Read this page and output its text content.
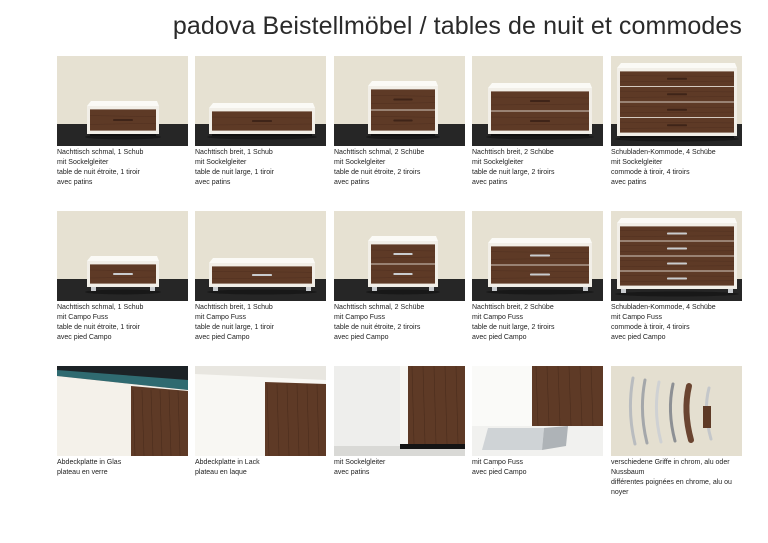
padova Beistellmöbel / tables de nuit et commodes
Nachttisch schmal, 1 Schub
mit Sockelgleiter
table de nuit étroite, 1 tiroir
avec patins
Nachttisch breit, 1 Schub
mit Sockelgleiter
table de nuit large, 1 tiroir
avec patins
Nachttisch schmal, 2 Schübe
mit Sockelgleiter
table de nuit étroite, 2 tiroirs
avec patins
Nachttisch breit, 2 Schübe
mit Sockelgleiter
table de nuit large, 2 tiroirs
avec patins
Schubladen-Kommode, 4 Schübe
mit Sockelgleiter
commode à tiroir, 4 tiroirs
avec patins
Nachttisch schmal, 1 Schub
mit Campo Fuss
table de nuit étroite, 1 tiroir
avec pied Campo
Nachttisch breit, 1 Schub
mit Campo Fuss
table de nuit large, 1 tiroir
avec pied Campo
Nachttisch schmal, 2 Schübe
mit Campo Fuss
table de nuit étroite, 2 tiroirs
avec pied Campo
Nachttisch breit, 2 Schübe
mit Campo Fuss
table de nuit large, 2 tiroirs
avec pied Campo
Schubladen-Kommode, 4 Schübe
mit Campo Fuss
commode à tiroir, 4 tiroirs
avec pied Campo
Abdeckplatte in Glas
plateau en verre
Abdeckplatte in Lack
plateau en laque
mit Sockelgleiter
avec patins
mit Campo Fuss
avec pied Campo
verschiedene Griffe in chrom, alu oder
Nussbaum
différentes poignées en chrome, alu ou
noyer
